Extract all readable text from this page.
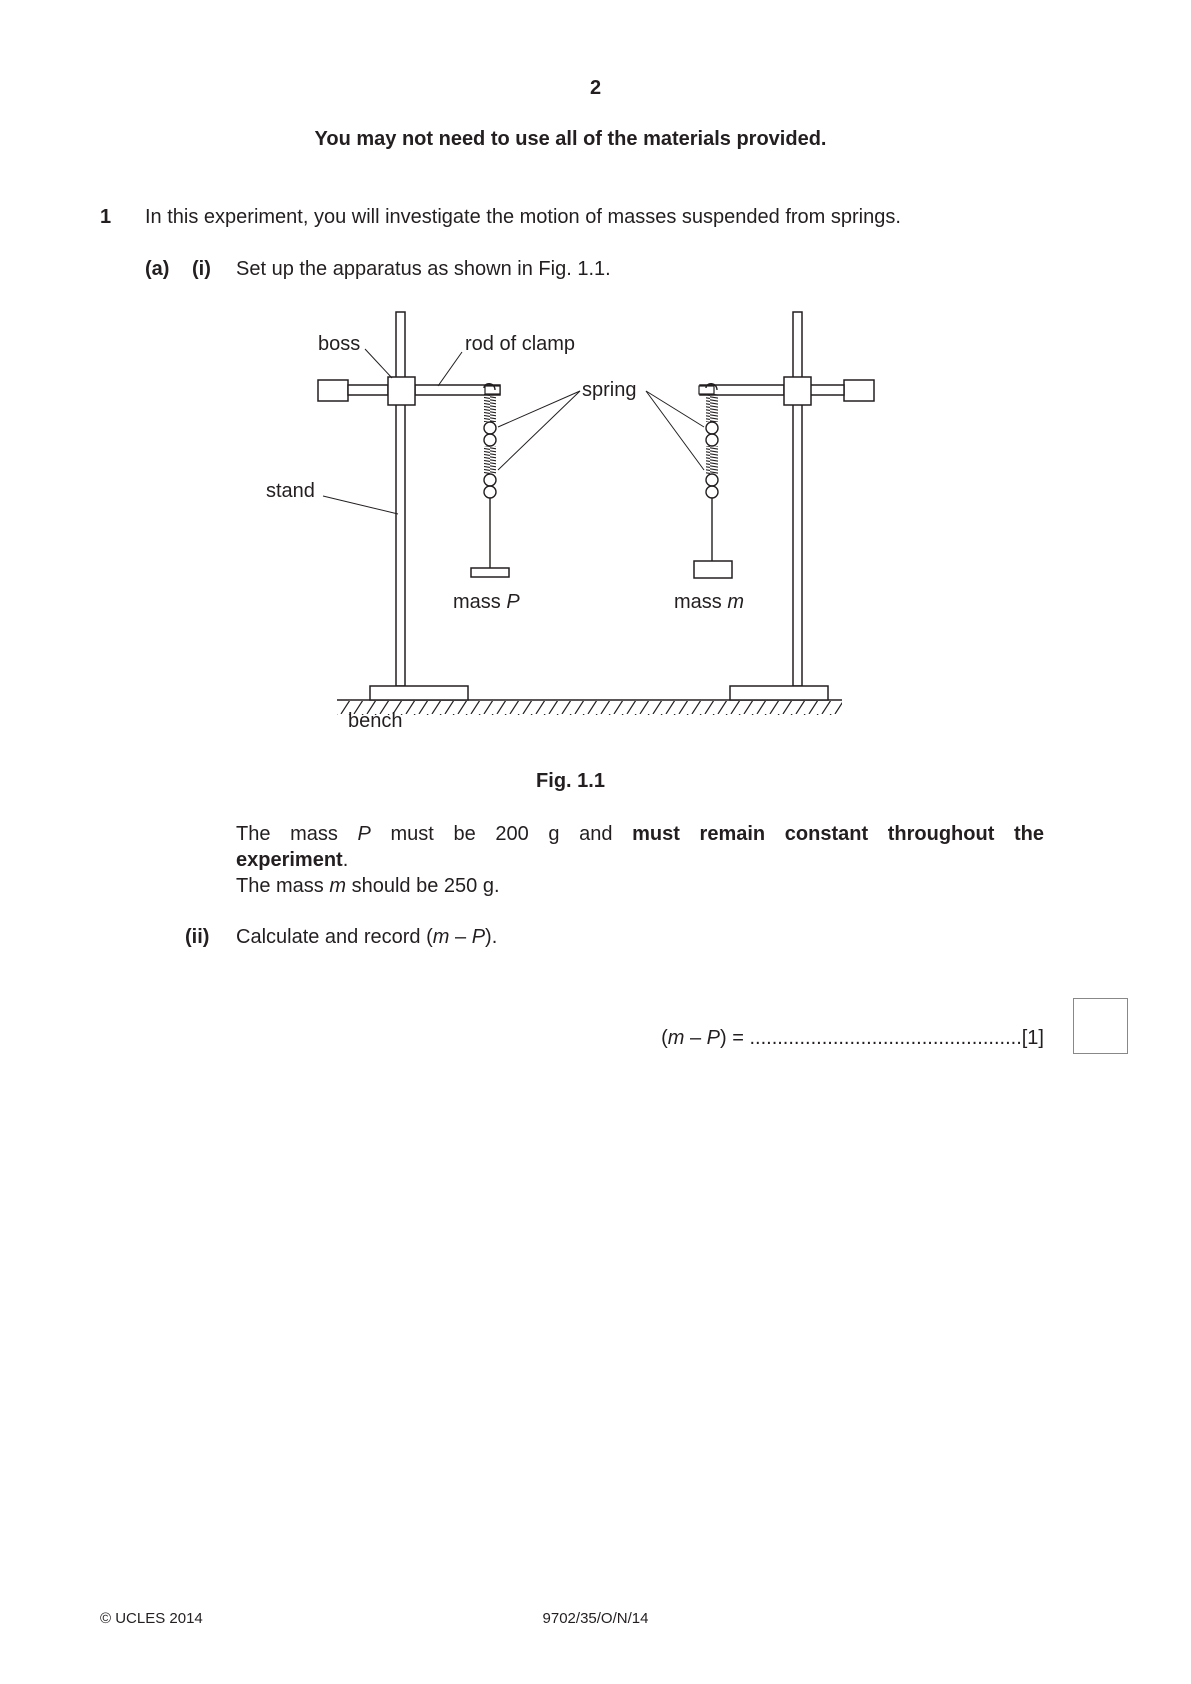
2
You may not need to use all of the materials provided.
1 In this experiment, you will investigate the motion of masses suspended from springs.
(a) (i) Set up the apparatus as shown in Fig. 1.1.
boss	rod of clamp
spring
stand
mass P	mass m
bench
Fig. 1.1
The mass P must be 200 g and must remain constant throughout the
experiment.
The mass m should be 250 g.
(ii) Calculate and record (m – P).
(m – P) = .................................................[1]
© UCLES 2014	9702/35/O/N/14
